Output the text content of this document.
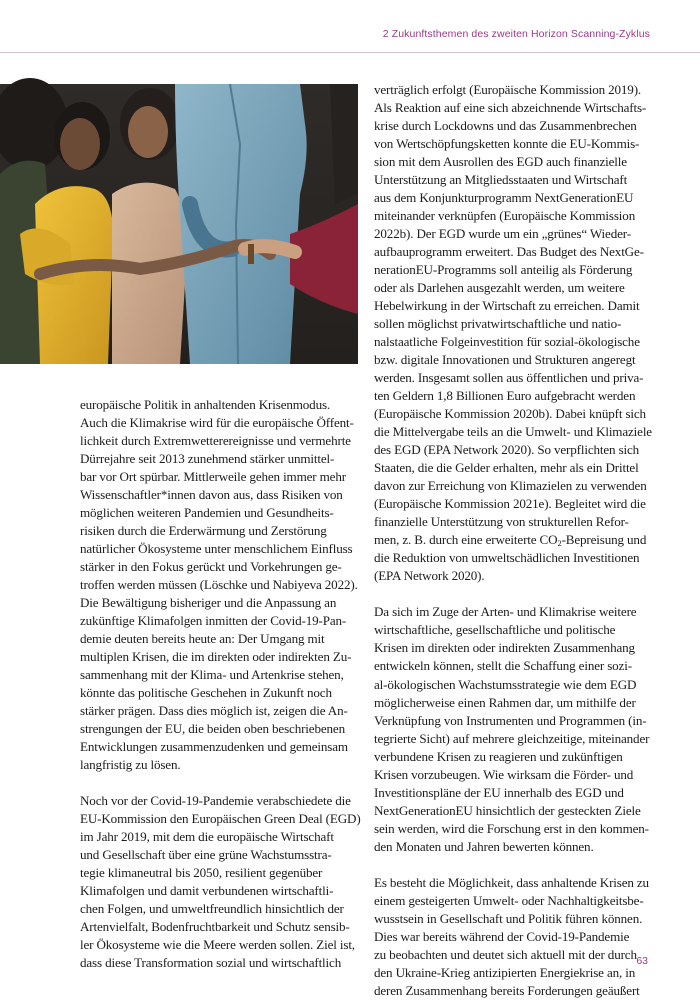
2 Zukunftsthemen des zweiten Horizon Scanning-Zyklus

europäische Politik in anhaltenden Krisenmodus.
Auch die Klimakrise wird für die europäische Öffent-
lichkeit durch Extremwetterereignisse und vermehrte
Dürrejahre seit 2013 zunehmend stärker unmittel-
bar vor Ort spürbar. Mittlerweile gehen immer mehr
Wissenschaftler*innen davon aus, dass Risiken von
möglichen weiteren Pandemien und Gesundheits-
risiken durch die Erderwärmung und Zerstörung
natürlicher Ökosysteme unter menschlichem Einfluss
stärker in den Fokus gerückt und Vorkehrungen ge-
troffen werden müssen (Löschke und Nabiyeva 2022).
Die Bewältigung bisheriger und die Anpassung an
zukünftige Klimafolgen inmitten der Covid-19-Pan-
demie deuten bereits heute an: Der Umgang mit
multiplen Krisen, die im direkten oder indirekten Zu-
sammenhang mit der Klima- und Artenkrise stehen,
könnte das politische Geschehen in Zukunft noch
stärker prägen. Dass dies möglich ist, zeigen die An-
strengungen der EU, die beiden oben beschriebenen
Entwicklungen zusammenzudenken und gemeinsam
langfristig zu lösen.

Noch vor der Covid-19-Pandemie verabschiedete die
EU-Kommission den Europäischen Green Deal (EGD)
im Jahr 2019, mit dem die europäische Wirtschaft
und Gesellschaft über eine grüne Wachstumsstra-
tegie klimaneutral bis 2050, resilient gegenüber
Klimafolgen und damit verbundenen wirtschaftli-
chen Folgen, und umweltfreundlich hinsichtlich der
Artenvielfalt, Bodenfruchtbarkeit und Schutz sensib-
ler Ökosysteme wie die Meere werden sollen. Ziel ist,
dass diese Transformation sozial und wirtschaftlich

verträglich erfolgt (Europäische Kommission 2019).
Als Reaktion auf eine sich abzeichnende Wirtschafts-
krise durch Lockdowns und das Zusammenbrechen
von Wertschöpfungsketten konnte die EU-Kommis-
sion mit dem Ausrollen des EGD auch finanzielle
Unterstützung an Mitgliedsstaaten und Wirtschaft
aus dem Konjunkturprogramm NextGenerationEU
miteinander verknüpfen (Europäische Kommission
2022b). Der EGD wurde um ein „grünes“ Wieder-
aufbauprogramm erweitert. Das Budget des NextGe-
nerationEU-Programms soll anteilig als Förderung
oder als Darlehen ausgezahlt werden, um weitere
Hebelwirkung in der Wirtschaft zu erreichen. Damit
sollen möglichst privatwirtschaftliche und natio-
nalstaatliche Folgeinvestition für sozial-ökologische
bzw. digitale Innovationen und Strukturen angeregt
werden. Insgesamt sollen aus öffentlichen und priva-
ten Geldern 1,8 Billionen Euro aufgebracht werden
(Europäische Kommission 2020b). Dabei knüpft sich
die Mittelvergabe teils an die Umwelt- und Klimaziele
des EGD (EPA Network 2020). So verpflichten sich
Staaten, die die Gelder erhalten, mehr als ein Drittel
davon zur Erreichung von Klimazielen zu verwenden
(Europäische Kommission 2021e). Begleitet wird die
finanzielle Unterstützung von strukturellen Refor-
men, z. B. durch eine erweiterte $CO_2$-Bepreisung und
die Reduktion von umweltschädlichen Investitionen
(EPA Network 2020).

Da sich im Zuge der Arten- und Klimakrise weitere
wirtschaftliche, gesellschaftliche und politische
Krisen im direkten oder indirekten Zusammenhang
entwickeln können, stellt die Schaffung einer sozi-
al-ökologischen Wachstumsstrategie wie dem EGD
möglicherweise einen Rahmen dar, um mithilfe der
Verknüpfung von Instrumenten und Programmen (in-
tegrierte Sicht) auf mehrere gleichzeitige, miteinander
verbundene Krisen zu reagieren und zukünftigen
Krisen vorzubeugen. Wie wirksam die Förder- und
Investitionspläne der EU innerhalb des EGD und
NextGenerationEU hinsichtlich der gesteckten Ziele
sein werden, wird die Forschung erst in den kommen-
den Monaten und Jahren bewerten können.

Es besteht die Möglichkeit, dass anhaltende Krisen zu
einem gesteigerten Umwelt- oder Nachhaltigkeitsbe-
wusstsein in Gesellschaft und Politik führen können.
Dies war bereits während der Covid-19-Pandemie
zu beobachten und deutet sich aktuell mit der durch
den Ukraine-Krieg antizipierten Energiekrise an, in
deren Zusammenhang bereits Forderungen geäußert

63
